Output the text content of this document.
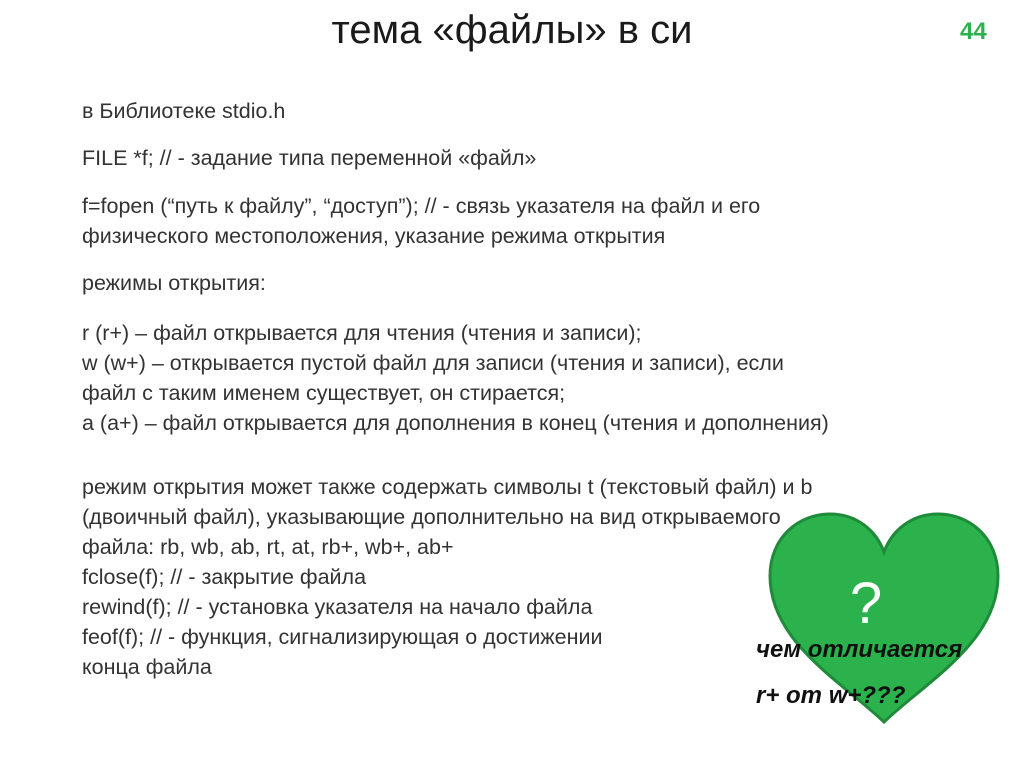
тема «файлы» в си	44
в Библиотеке stdio.h
FILE *f; // - задание типа переменной «файл»
f=fopen (“путь к файлу”, “доступ”); // - связь указателя на файл и его
физического местоположения, указание режима открытия
режимы открытия:
r (r+) – файл открывается для чтения (чтения и записи);
w (w+) – открывается пустой файл для записи (чтения и записи), если
файл с таким именем существует, он стирается;
a (a+) – файл открывается для дополнения в конец (чтения и дополнения)
режим открытия может также содержать символы t (текстовый файл) и b
(двоичный файл), указывающие дополнительно на вид открываемого
файла: rb, wb, ab, rt, at, rb+, wb+, ab+
fclose(f); // - закрытие файла
rewind(f); // - установка указателя на начало файла
feof(f); // - функция, сигнализирующая о достижении
конца файла
?
чем отличается
r+ от w+???
